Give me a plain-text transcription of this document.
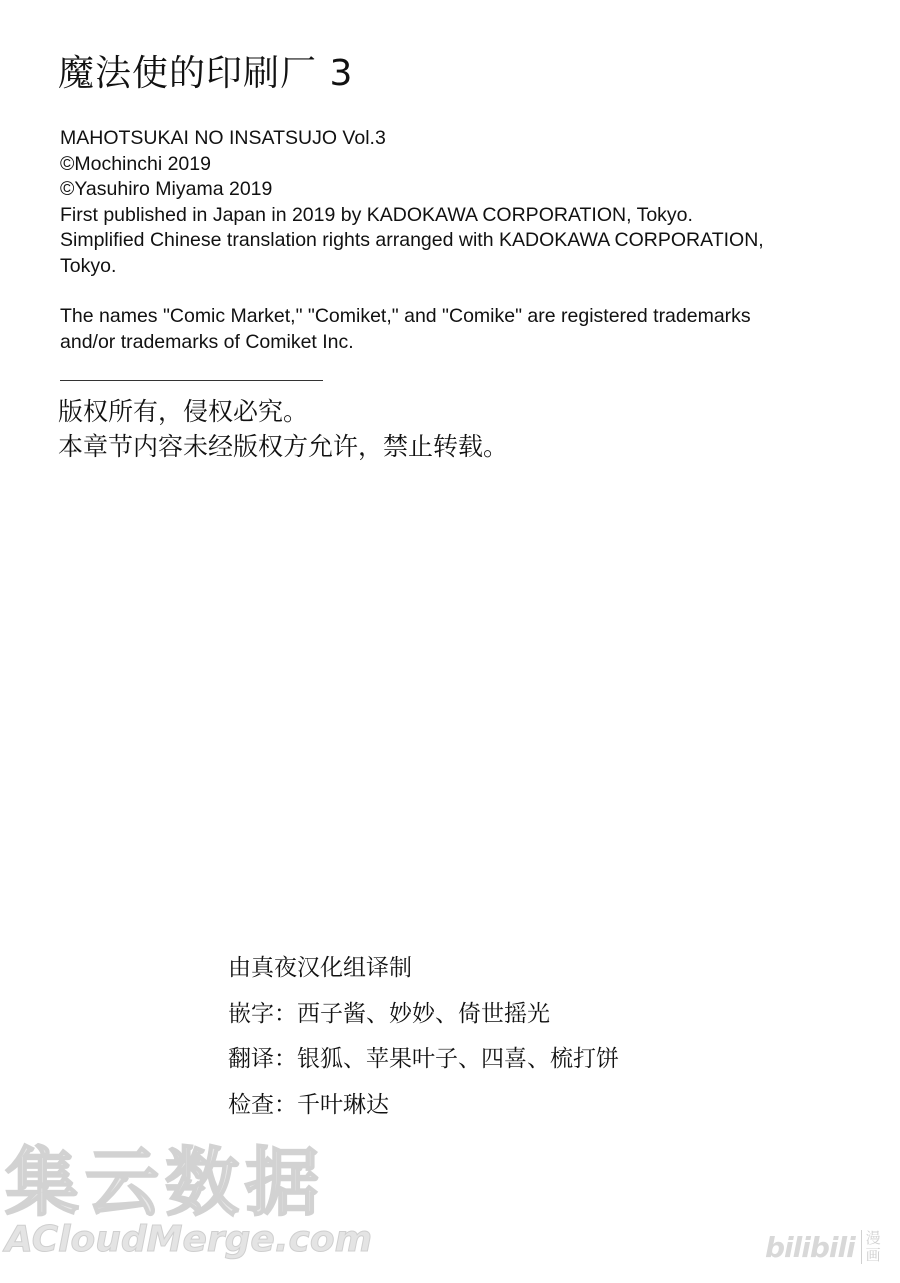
魔法使的印刷厂 3
MAHOTSUKAI NO INSATSUJO Vol.3
©Mochinchi 2019
©Yasuhiro Miyama 2019
First published in Japan in 2019 by KADOKAWA CORPORATION, Tokyo.
Simplified Chinese translation rights arranged with KADOKAWA CORPORATION,
Tokyo.
The names "Comic Market," "Comiket," and "Comike" are registered trademarks
and/or trademarks of Comiket Inc.
版权所有，侵权必究。
本章节内容未经版权方允许，禁止转载。
由真夜汉化组译制
嵌字：西子酱、妙妙、倚世摇光
翻译：银狐、苹果叶子、四喜、梳打饼
检查：千叶琳达
集云数据
ACloudMerge.com	bilibili 漫
画
